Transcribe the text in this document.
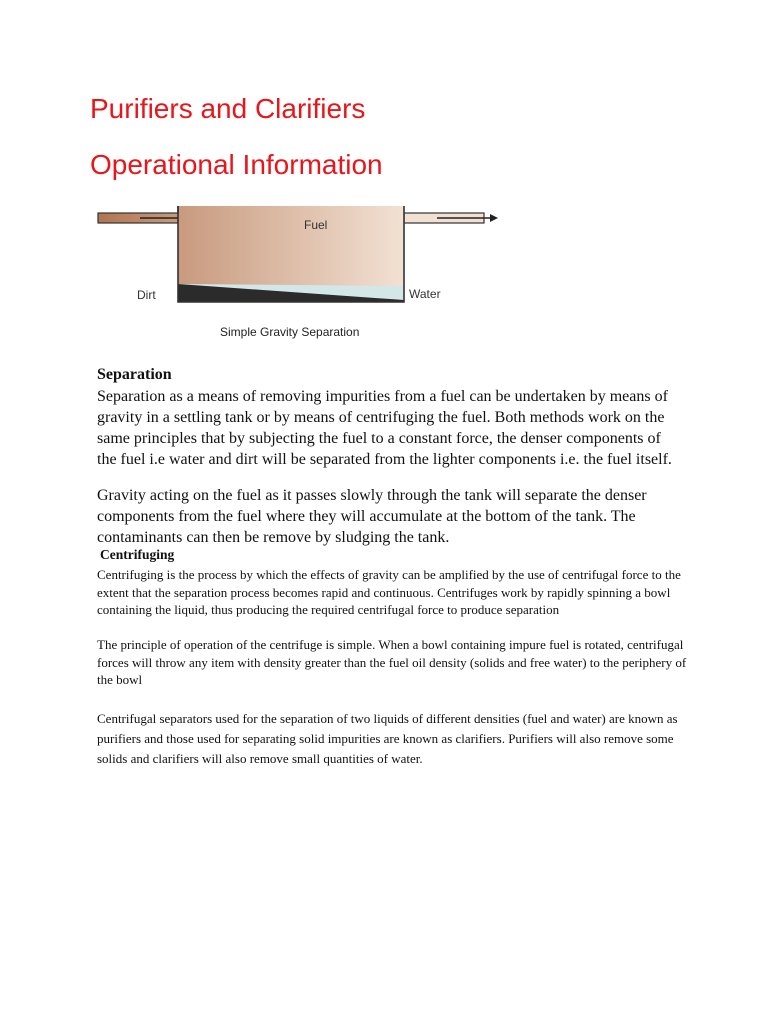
Purifiers and Clarifiers
Operational Information
Fuel
Dirt	Water
Simple Gravity Separation
Separation

Separation as a means of removing impurities from a fuel can be undertaken by means of gravity in a settling tank or by means of centrifuging the fuel. Both methods work on the same principles that by subjecting the fuel to a constant force, the denser components of the fuel i.e water and dirt will be separated from the lighter components i.e. the fuel itself.

Gravity acting on the fuel as it passes slowly through the tank will separate the denser components from the fuel where they will accumulate at the bottom of the tank. The contaminants can then be remove by sludging the tank.

Centrifuging

Centrifuging is the process by which the effects of gravity can be amplified by the use of centrifugal force to the extent that the separation process becomes rapid and continuous. Centrifuges work by rapidly spinning a bowl containing the liquid, thus producing the required centrifugal force to produce separation

The principle of operation of the centrifuge is simple. When a bowl containing impure fuel is rotated, centrifugal forces will throw any item with density greater than the fuel oil density (solids and free water) to the periphery of the bowl

Centrifugal separators used for the separation of two liquids of different densities (fuel and water) are known as purifiers and those used for separating solid impurities are known as clarifiers. Purifiers will also remove some solids and clarifiers will also remove small quantities of water.
